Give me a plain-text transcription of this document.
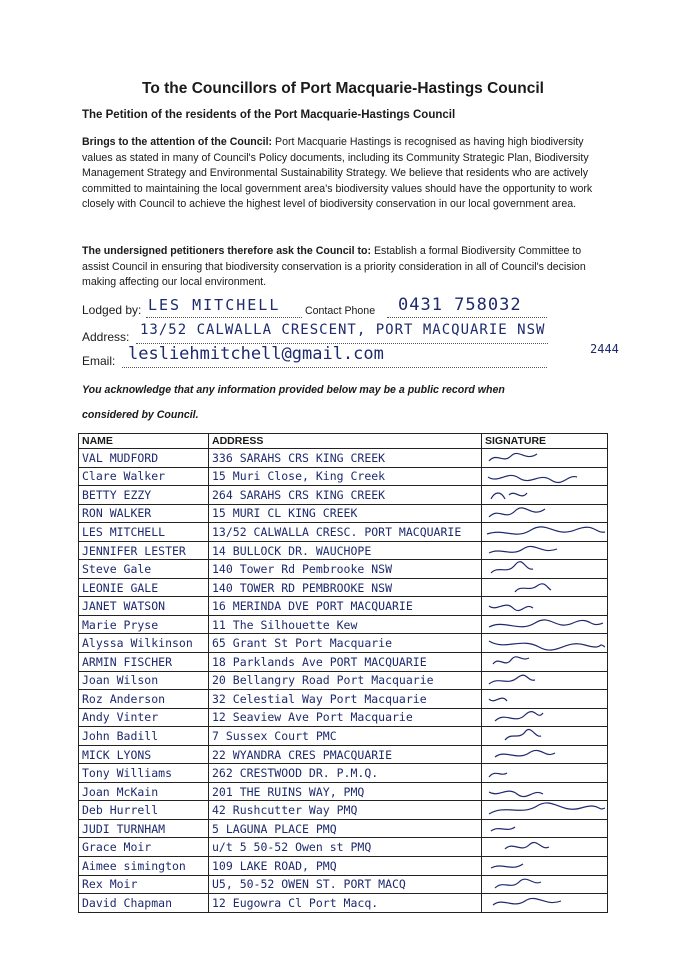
To the Councillors of Port Macquarie-Hastings Council
The Petition of the residents of the Port Macquarie-Hastings Council
Brings to the attention of the Council: Port Macquarie Hastings is recognised as having high biodiversity values as stated in many of Council's Policy documents, including its Community Strategic Plan, Biodiversity Management Strategy and Environmental Sustainability Strategy. We believe that residents who are actively committed to maintaining the local government area's biodiversity values should have the opportunity to work closely with Council to achieve the highest level of biodiversity conservation in our local government area.
The undersigned petitioners therefore ask the Council to: Establish a formal Biodiversity Committee to assist Council in ensuring that biodiversity conservation is a priority consideration in all of Council's decision making affecting our local environment.
Lodged by: LES MITCHELL Contact Phone 0431 758032
Address: 13/52 CALWALLA CRESCENT, PORT MACQUARIE NSW
2444
Email: lesliehmitchell@gmail.com
You acknowledge that any information provided below may be a public record when
considered by Council.
NAME	ADDRESS	SIGNATURE
VAL MUDFORD	336 SARAHS CRS KING CREEK	

Clare Walker	15 Muri Close, King Creek	

BETTY EZZY	264 SARAHS CRS KING CREEK	

RON WALKER	15 MURI CL KING CREEK	

LES MITCHELL	13/52 CALWALLA CRESC. PORT MACQUARIE	

JENNIFER LESTER	14 BULLOCK DR. WAUCHOPE	

Steve Gale	140 Tower Rd Pembrooke NSW	

LEONIE GALE	140 TOWER RD PEMBROOKE NSW	

JANET WATSON	16 MERINDA DVE PORT MACQUARIE	

Marie Pryse	11 The Silhouette Kew	

Alyssa Wilkinson	65 Grant St Port Macquarie	

ARMIN FISCHER	18 Parklands Ave PORT MACQUARIE	

Joan Wilson	20 Bellangry Road Port Macquarie	

Roz Anderson	32 Celestial Way Port Macquarie	

Andy Vinter	12 Seaview Ave Port Macquarie	

John Badill	7 Sussex Court PMC	

MICK LYONS	22 WYANDRA CRES PMACQUARIE	

Tony Williams	262 CRESTWOOD DR. P.M.Q.	

Joan McKain	201 THE RUINS WAY, PMQ	

Deb Hurrell	42 Rushcutter Way PMQ	

JUDI TURNHAM	5 LAGUNA PLACE PMQ	

Grace Moir	u/t 5 50-52 Owen st PMQ	

Aimee simington	109 LAKE ROAD, PMQ	

Rex Moir	U5, 50-52 OWEN ST. PORT MACQ	

David Chapman	12 Eugowra Cl Port Macq.	
